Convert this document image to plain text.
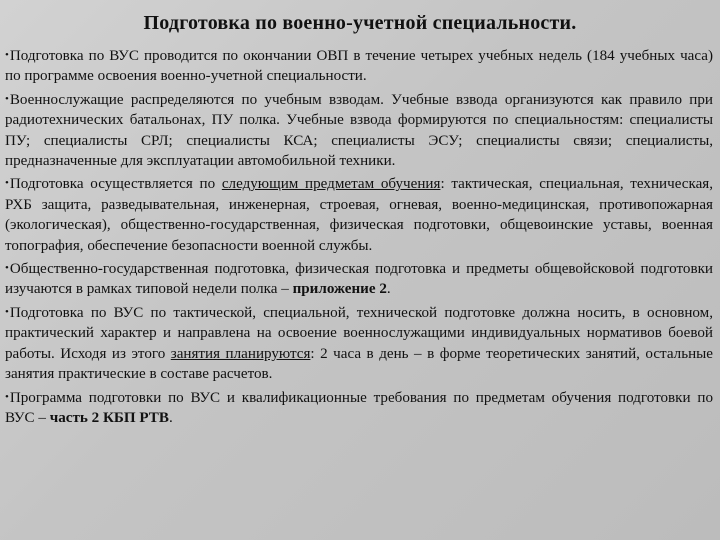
Подготовка по военно-учетной специальности.

•Подготовка по ВУС проводится по окончании ОВП в течение четырех учебных недель (184 учебных часа) по программе освоения военно-учетной специальности.

•Военнослужащие распределяются по учебным взводам. Учебные взвода организуются как правило при радиотехнических батальонах, ПУ полка. Учебные взвода формируются по специальностям: специалисты ПУ; специалисты СРЛ; специалисты КСА; специалисты ЭСУ; специалисты связи; специалисты, предназначенные для эксплуатации автомобильной техники.

•Подготовка осуществляется по следующим предметам обучения: тактическая, специальная, техническая, РХБ защита, разведывательная, инженерная, строевая, огневая, военно-медицинская, противопожарная (экологическая), общественно-государственная, физическая подготовки, общевоинские уставы, военная топография, обеспечение безопасности военной службы.

•Общественно-государственная подготовка, физическая подготовка и предметы общевойсковой подготовки изучаются в рамках типовой недели полка – приложение 2.

•Подготовка по ВУС по тактической, специальной, технической подготовке должна носить, в основном, практический характер и направлена на освоение военнослужащими индивидуальных нормативов боевой работы. Исходя из этого занятия планируются: 2 часа в день – в форме теоретических занятий, остальные занятия практические в составе расчетов.

•Программа подготовки по ВУС и квалификационные требования по предметам обучения подготовки по ВУС – часть 2 КБП РТВ.
